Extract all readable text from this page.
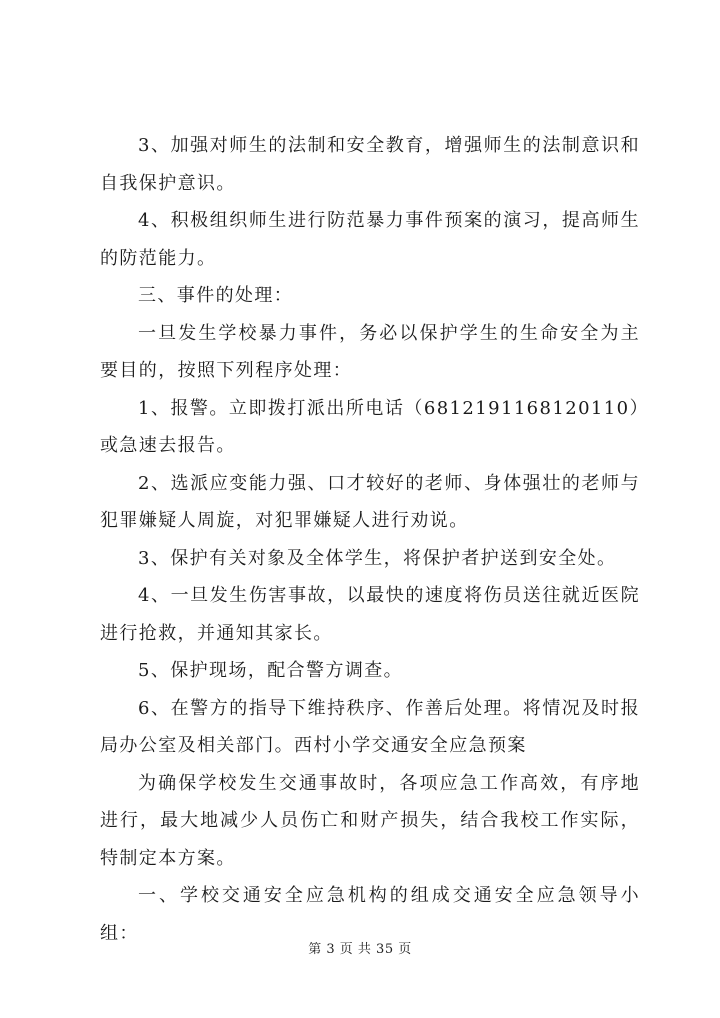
3、加强对师生的法制和安全教育，增强师生的法制意识和自我保护意识。

4、积极组织师生进行防范暴力事件预案的演习，提高师生的防范能力。

三、事件的处理：

一旦发生学校暴力事件，务必以保护学生的生命安全为主要目的，按照下列程序处理：

1、报警。立即拨打派出所电话（6812191168120110）或急速去报告。

2、选派应变能力强、口才较好的老师、身体强壮的老师与犯罪嫌疑人周旋，对犯罪嫌疑人进行劝说。

3、保护有关对象及全体学生，将保护者护送到安全处。

4、一旦发生伤害事故，以最快的速度将伤员送往就近医院进行抢救，并通知其家长。

5、保护现场，配合警方调查。

6、在警方的指导下维持秩序、作善后处理。将情况及时报局办公室及相关部门。西村小学交通安全应急预案

为确保学校发生交通事故时，各项应急工作高效，有序地进行，最大地减少人员伤亡和财产损失，结合我校工作实际，特制定本方案。

一、学校交通安全应急机构的组成交通安全应急领导小组：

第 3 页 共 35 页
